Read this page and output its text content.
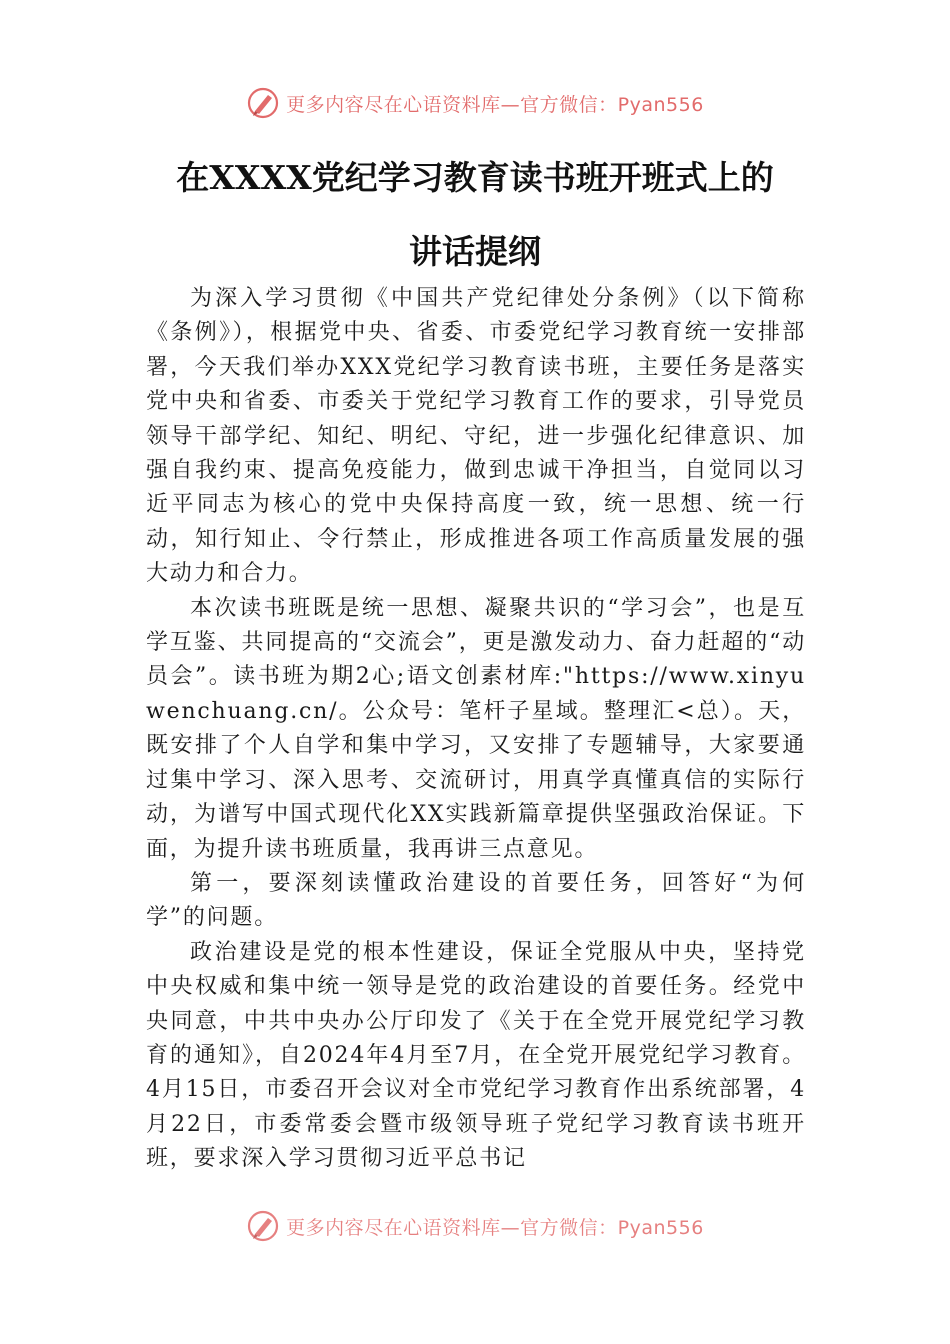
更多内容尽在心语资料库—官方微信：Pyan556
在XXXX党纪学习教育读书班开班式上的
讲话提纲

为深入学习贯彻《中国共产党纪律处分条例》（以下简称《条例》），根据党中央、省委、市委党纪学习教育统一安排部署，今天我们举办XXX党纪学习教育读书班，主要任务是落实党中央和省委、市委关于党纪学习教育工作的要求，引导党员领导干部学纪、知纪、明纪、守纪，进一步强化纪律意识、加强自我约束、提高免疫能力，做到忠诚干净担当，自觉同以习近平同志为核心的党中央保持高度一致，统一思想、统一行动，知行知止、令行禁止，形成推进各项工作高质量发展的强大动力和合力。

本次读书班既是统一思想、凝聚共识的“学习会”，也是互学互鉴、共同提高的“交流会”，更是激发动力、奋力赶超的“动员会”。读书班为期2心;语文创素材库:"https://www.xinyuwenchuang.cn/。公众号：笔杆子星域。整理汇<总）。天，既安排了个人自学和集中学习，又安排了专题辅导，大家要通过集中学习、深入思考、交流研讨，用真学真懂真信的实际行动，为谱写中国式现代化XX实践新篇章提供坚强政治保证。下面，为提升读书班质量，我再讲三点意见。

第一，要深刻读懂政治建设的首要任务，回答好“为何学”的问题。

政治建设是党的根本性建设，保证全党服从中央，坚持党中央权威和集中统一领导是党的政治建设的首要任务。经党中央同意，中共中央办公厅印发了《关于在全党开展党纪学习教育的通知》，自2024年4月至7月，在全党开展党纪学习教育。4月15日，市委召开会议对全市党纪学习教育作出系统部署，4月22日，市委常委会暨市级领导班子党纪学习教育读书班开班，要求深入学习贯彻习近平总书记

更多内容尽在心语资料库—官方微信：Pyan556
